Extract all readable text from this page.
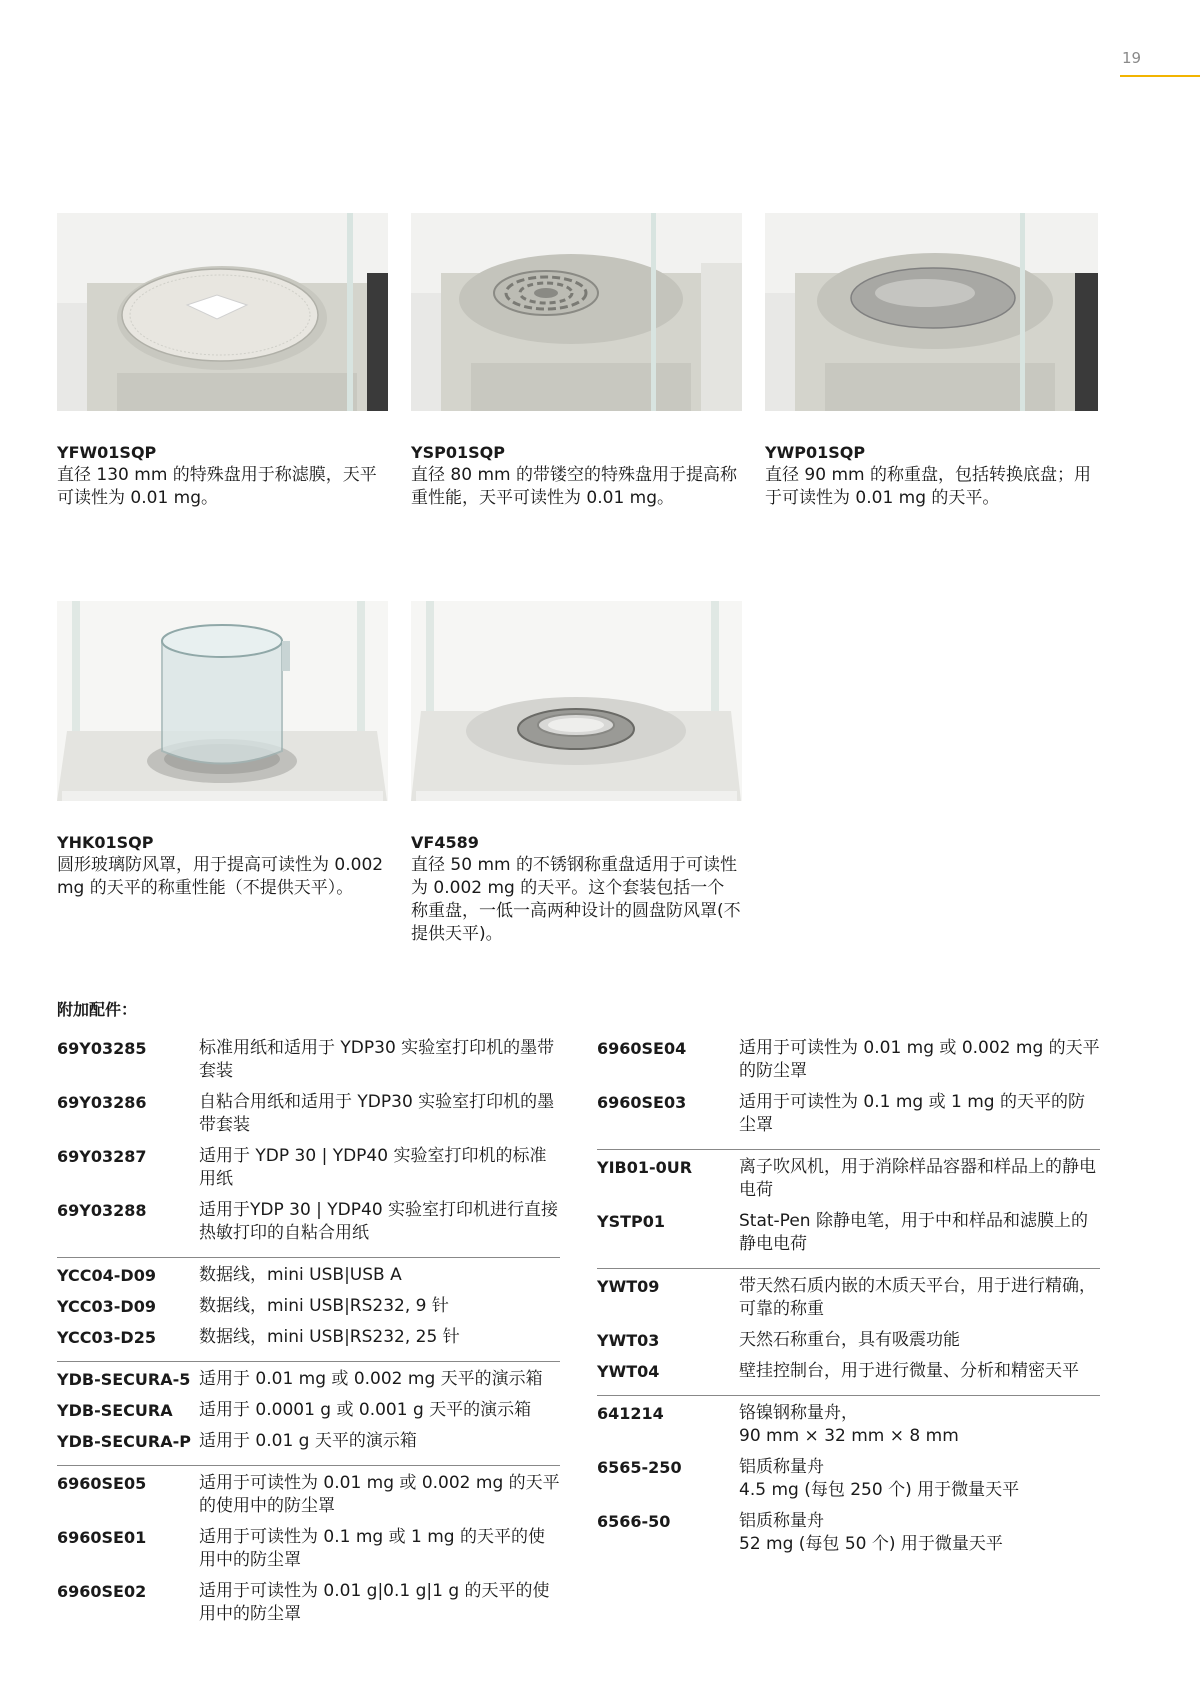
19
YFW01SQP

直径 130 mm 的特殊盘用于称滤膜，天平可读性为 0.01 mg。

YSP01SQP

直径 80 mm 的带镂空的特殊盘用于提高称重性能，天平可读性为 0.01 mg。

YWP01SQP

直径 90 mm 的称重盘，包括转换底盘；用于可读性为 0.01 mg 的天平。

YHK01SQP

圆形玻璃防风罩，用于提高可读性为 0.002 mg 的天平的称重性能（不提供天平）。

VF4589

直径 50 mm 的不锈钢称重盘适用于可读性为 0.002 mg 的天平。这个套装包括一个称重盘，一低一高两种设计的圆盘防风罩(不提供天平)。

附加配件：
69Y03285	标准用纸和适用于 YDP30 实验室打印机的墨带套装
69Y03286	自粘合用纸和适用于 YDP30 实验室打印机的墨带套装
69Y03287	适用于 YDP 30 | YDP40 实验室打印机的标准用纸
69Y03288	适用于YDP 30 | YDP40 实验室打印机进行直接热敏打印的自粘合用纸
YCC04-D09	数据线，mini USB|USB A
YCC03-D09	数据线，mini USB|RS232, 9 针
YCC03-D25	数据线，mini USB|RS232, 25 针
YDB-SECURA-5 适用于 0.01 mg 或 0.002 mg 天平的演示箱
YDB-SECURA	适用于 0.0001 g 或 0.001 g 天平的演示箱
YDB-SECURA-P 适用于 0.01 g 天平的演示箱
6960SE05	适用于可读性为 0.01 mg 或 0.002 mg 的天平的使用中的防尘罩
6960SE01	适用于可读性为 0.1 mg 或 1 mg 的天平的使用中的防尘罩
6960SE02	适用于可读性为 0.01 g|0.1 g|1 g 的天平的使用中的防尘罩
6960SE04	适用于可读性为 0.01 mg 或 0.002 mg 的天平的防尘罩
6960SE03	适用于可读性为 0.1 mg 或 1 mg 的天平的防尘罩
YIB01-0UR	离子吹风机，用于消除样品容器和样品上的静电电荷
YSTP01	Stat-Pen 除静电笔，用于中和样品和滤膜上的静电电荷
YWT09	带天然石质内嵌的木质天平台，用于进行精确，可靠的称重
YWT03	天然石称重台，具有吸震功能
YWT04	壁挂控制台，用于进行微量、分析和精密天平
641214	铬镍钢称量舟，
90 mm × 32 mm × 8 mm
6565-250	铝质称量舟
4.5 mg (每包 250 个) 用于微量天平
6566-50	铝质称量舟
52 mg (每包 50 个) 用于微量天平
